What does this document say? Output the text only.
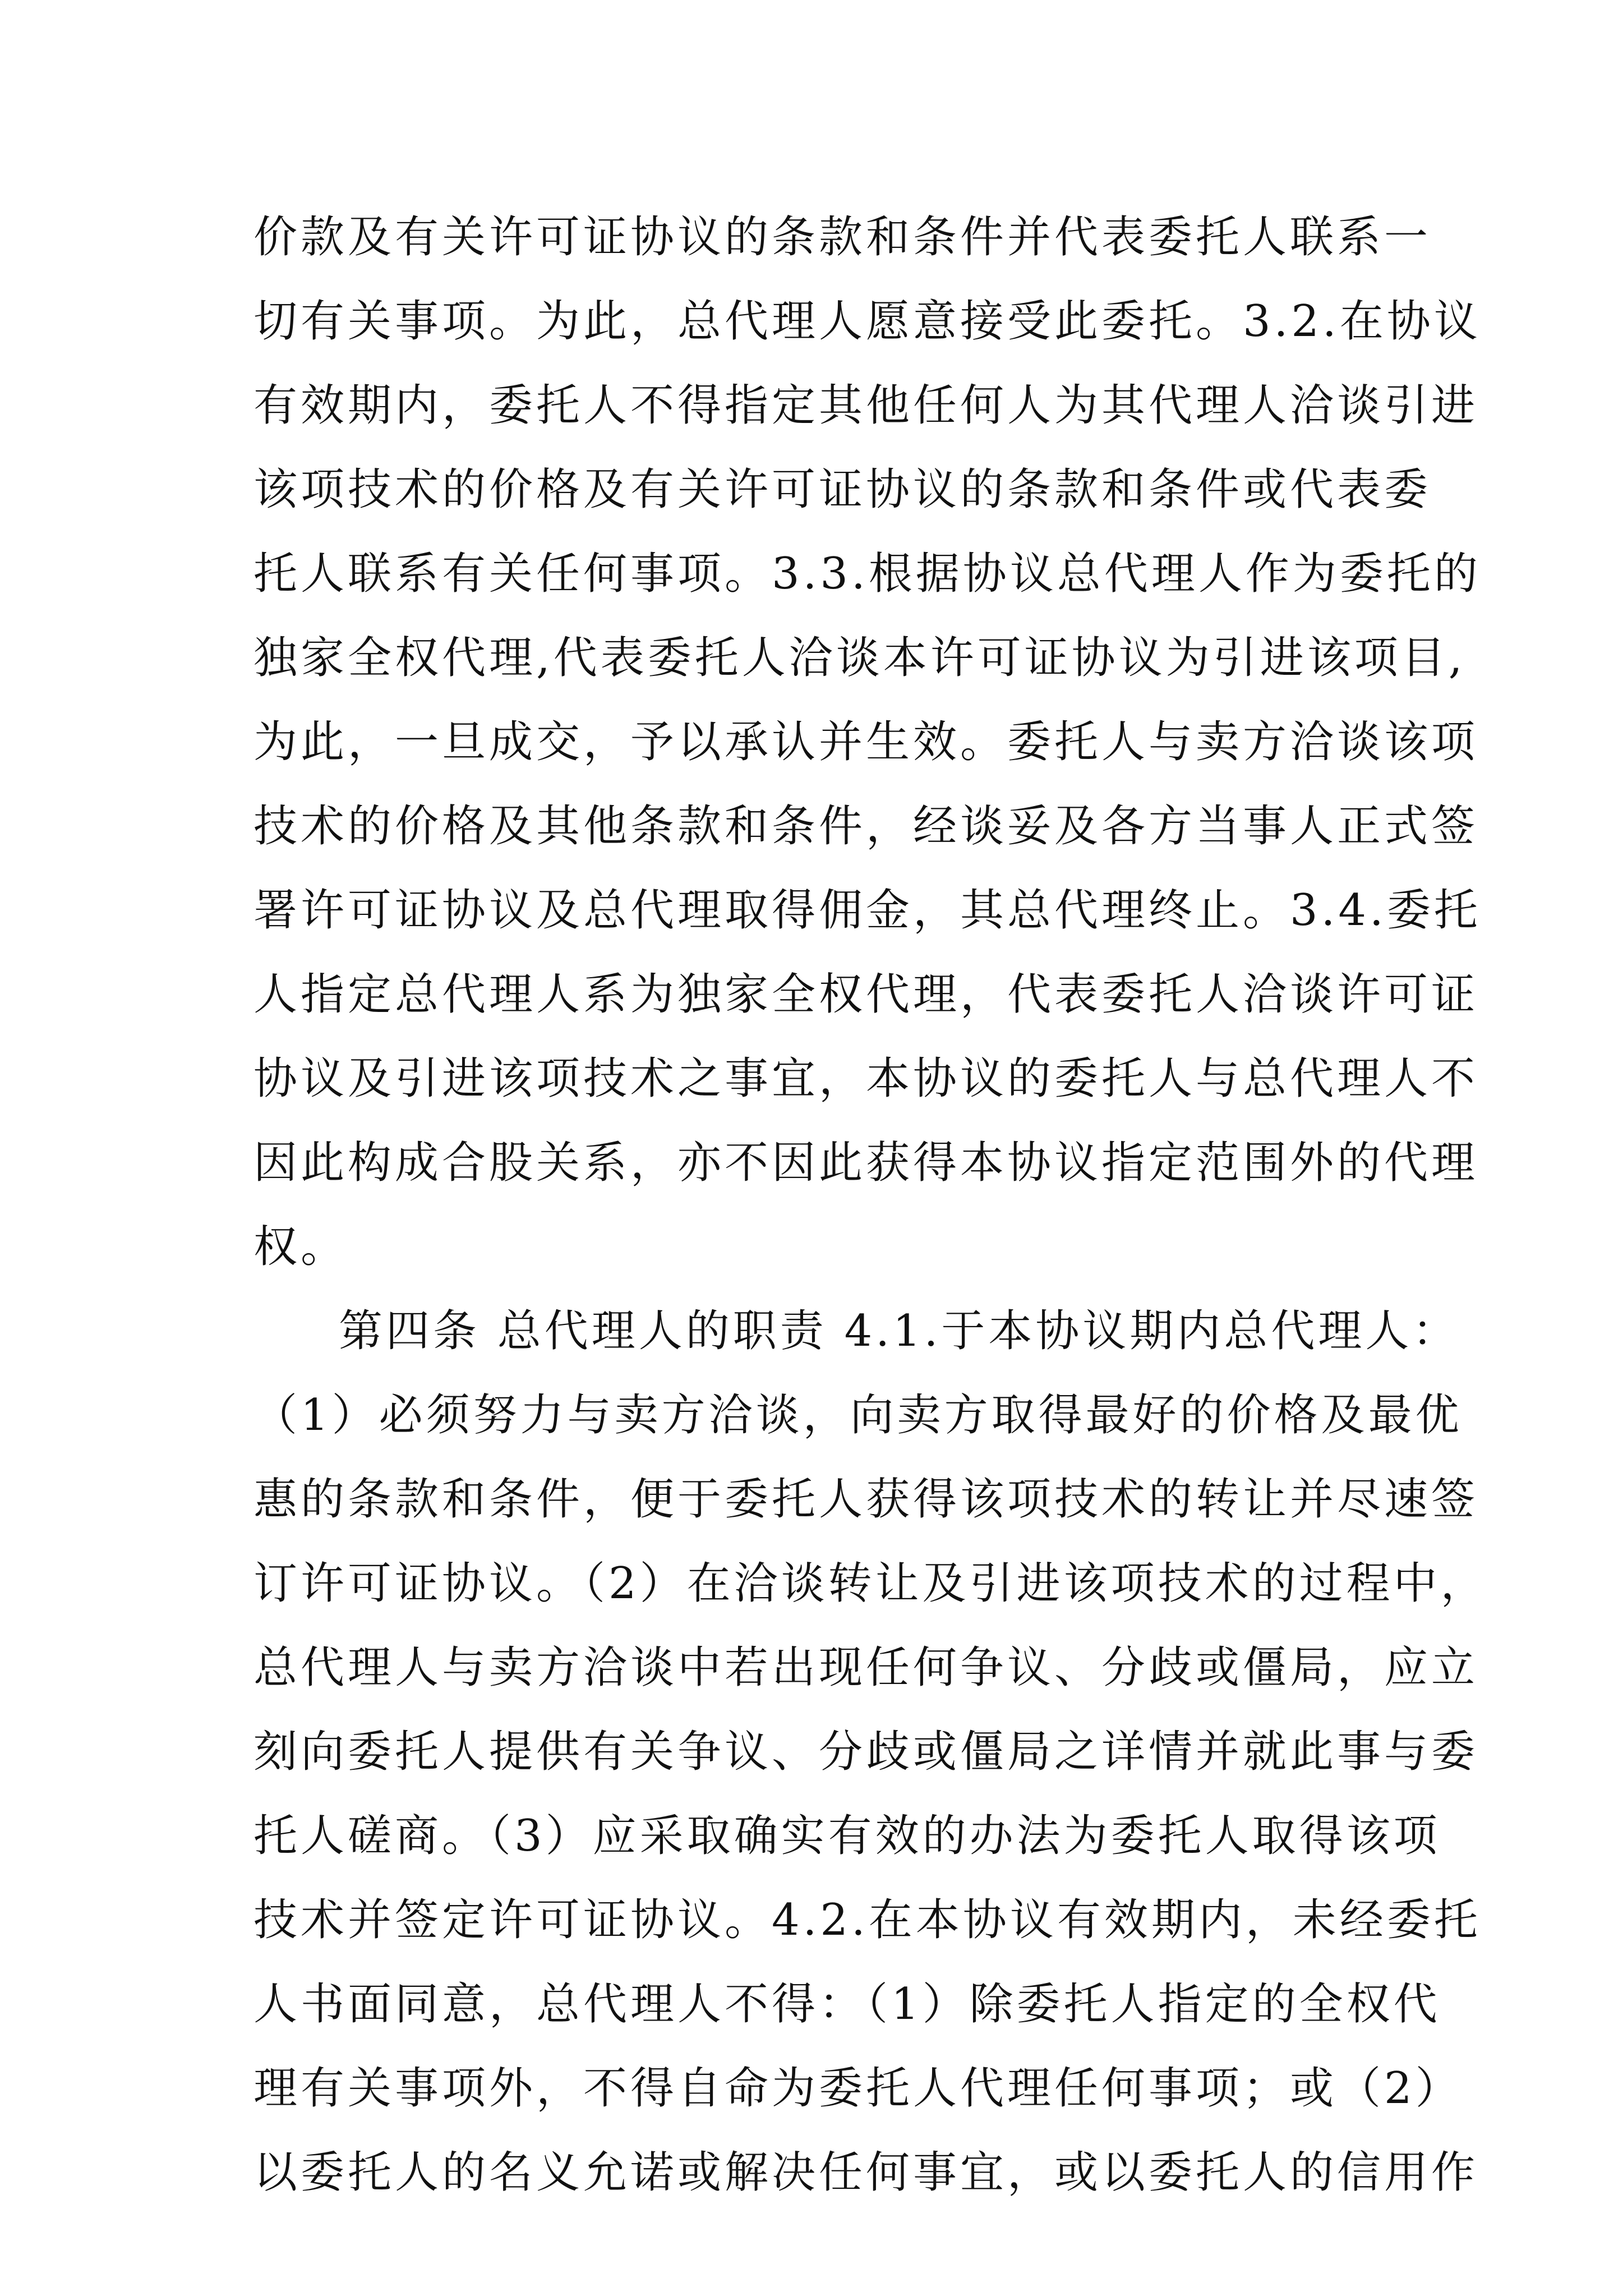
价款及有关许可证协议的条款和条件并代表委托人联系一
切有关事项。为此，总代理人愿意接受此委托。3.2.在协议
有效期内，委托人不得指定其他任何人为其代理人洽谈引进
该项技术的价格及有关许可证协议的条款和条件或代表委
托人联系有关任何事项。3.3.根据协议总代理人作为委托的
独家全权代理,代表委托人洽谈本许可证协议为引进该项目,
为此，一旦成交，予以承认并生效。委托人与卖方洽谈该项
技术的价格及其他条款和条件，经谈妥及各方当事人正式签
署许可证协议及总代理取得佣金，其总代理终止。3.4.委托
人指定总代理人系为独家全权代理，代表委托人洽谈许可证
协议及引进该项技术之事宜，本协议的委托人与总代理人不
因此构成合股关系，亦不因此获得本协议指定范围外的代理
权。
第四条 总代理人的职责 4.1.于本协议期内总代理人：
（1）必须努力与卖方洽谈，向卖方取得最好的价格及最优
惠的条款和条件，便于委托人获得该项技术的转让并尽速签
订许可证协议。（2）在洽谈转让及引进该项技术的过程中，
总代理人与卖方洽谈中若出现任何争议、分歧或僵局，应立
刻向委托人提供有关争议、分歧或僵局之详情并就此事与委
托人磋商。（3）应采取确实有效的办法为委托人取得该项
技术并签定许可证协议。4.2.在本协议有效期内，未经委托
人书面同意，总代理人不得：（1）除委托人指定的全权代
理有关事项外，不得自命为委托人代理任何事项；或（2）
以委托人的名义允诺或解决任何事宜，或以委托人的信用作
